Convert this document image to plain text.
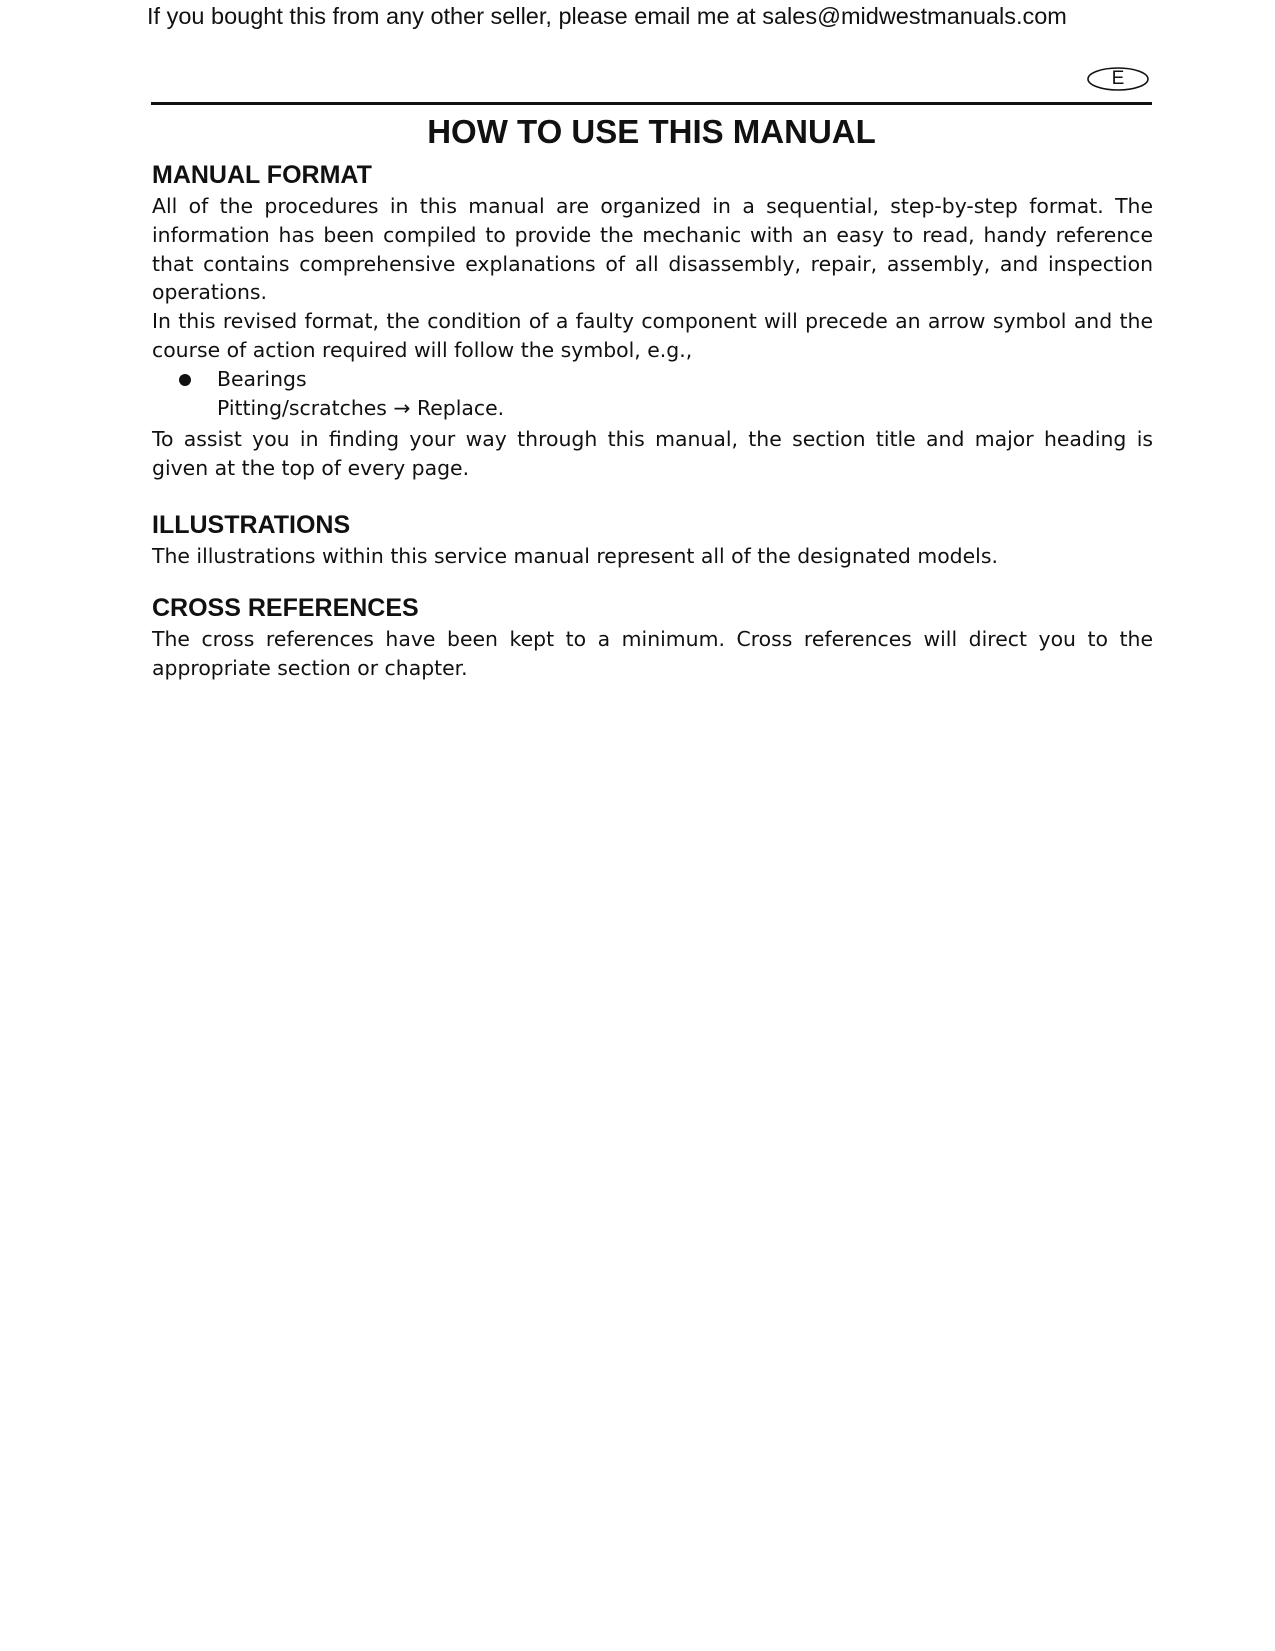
If you bought this from any other seller, please email me at sales@midwestmanuals.com
E
HOW TO USE THIS MANUAL
MANUAL FORMAT

All of the procedures in this manual are organized in a sequential, step-by-step format. The information has been compiled to provide the mechanic with an easy to read, handy reference that contains comprehensive explanations of all disassembly, repair, assembly, and inspection operations.

In this revised format, the condition of a faulty component will precede an arrow symbol and the course of action required will follow the symbol, e.g.,

Bearings
Pitting/scratches → Replace.

To assist you in finding your way through this manual, the section title and major heading is given at the top of every page.

ILLUSTRATIONS

The illustrations within this service manual represent all of the designated models.

CROSS REFERENCES

The cross references have been kept to a minimum. Cross references will direct you to the appropriate section or chapter.
